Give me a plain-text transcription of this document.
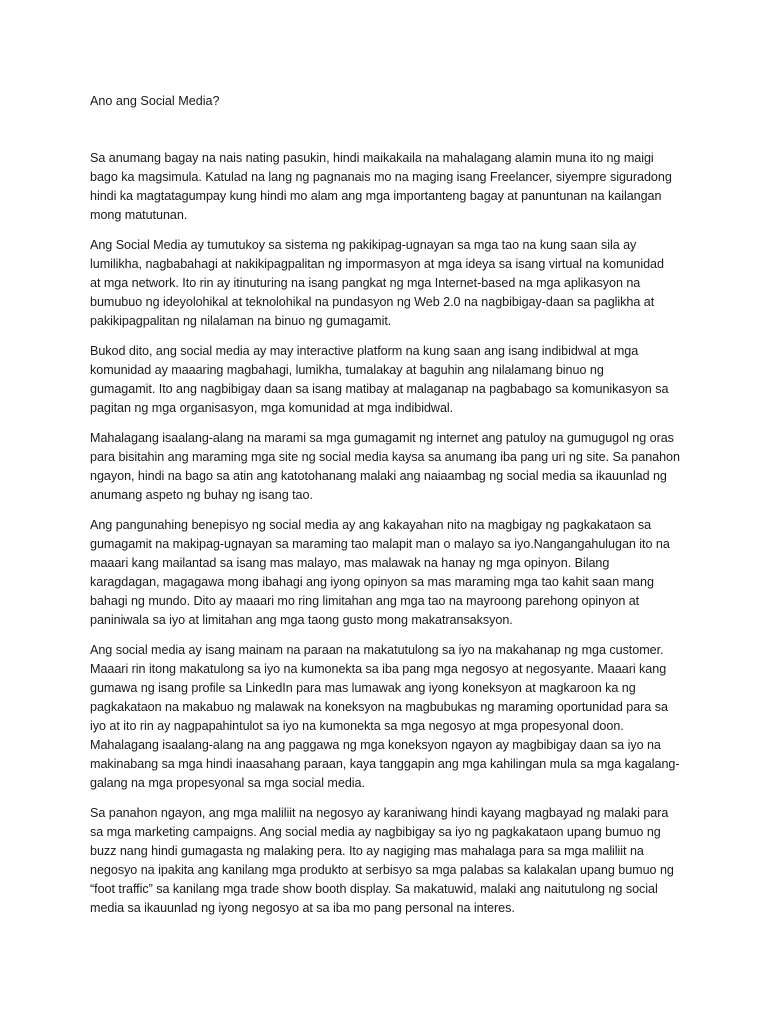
Ano ang Social Media?

Sa anumang bagay na nais nating pasukin, hindi maikakaila na mahalagang alamin muna ito ng maigi
bago ka magsimula. Katulad na lang ng pagnanais mo na maging isang Freelancer, siyempre siguradong
hindi ka magtatagumpay kung hindi mo alam ang mga importanteng bagay at panuntunan na kailangan
mong matutunan.

Ang Social Media ay tumutukoy sa sistema ng pakikipag-ugnayan sa mga tao na kung saan sila ay
lumilikha, nagbabahagi at nakikipagpalitan ng impormasyon at mga ideya sa isang virtual na komunidad
at mga network. Ito rin ay itinuturing na isang pangkat ng mga Internet-based na mga aplikasyon na
bumubuo ng ideyolohikal at teknolohikal na pundasyon ng Web 2.0 na nagbibigay-daan sa paglikha at
pakikipagpalitan ng nilalaman na binuo ng gumagamit.

Bukod dito, ang social media ay may interactive platform na kung saan ang isang indibidwal at mga
komunidad ay maaaring magbahagi, lumikha, tumalakay at baguhin ang nilalamang binuo ng
gumagamit. Ito ang nagbibigay daan sa isang matibay at malaganap na pagbabago sa komunikasyon sa
pagitan ng mga organisasyon, mga komunidad at mga indibidwal.

Mahalagang isaalang-alang na marami sa mga gumagamit ng internet ang patuloy na gumugugol ng oras
para bisitahin ang maraming mga site ng social media kaysa sa anumang iba pang uri ng site. Sa panahon
ngayon, hindi na bago sa atin ang katotohanang malaki ang naiaambag ng social media sa ikauunlad ng
anumang aspeto ng buhay ng isang tao.

Ang pangunahing benepisyo ng social media ay ang kakayahan nito na magbigay ng pagkakataon sa
gumagamit na makipag-ugnayan sa maraming tao malapit man o malayo sa iyo.Nangangahulugan ito na
maaari kang mailantad sa isang mas malayo, mas malawak na hanay ng mga opinyon. Bilang
karagdagan, magagawa mong ibahagi ang iyong opinyon sa mas maraming mga tao kahit saan mang
bahagi ng mundo. Dito ay maaari mo ring limitahan ang mga tao na mayroong parehong opinyon at
paniniwala sa iyo at limitahan ang mga taong gusto mong makatransaksyon.

Ang social media ay isang mainam na paraan na makatutulong sa iyo na makahanap ng mga customer.
Maaari rin itong makatulong sa iyo na kumonekta sa iba pang mga negosyo at negosyante. Maaari kang
gumawa ng isang profile sa LinkedIn para mas lumawak ang iyong koneksyon at magkaroon ka ng
pagkakataon na makabuo ng malawak na koneksyon na magbubukas ng maraming oportunidad para sa
iyo at ito rin ay nagpapahintulot sa iyo na kumonekta sa mga negosyo at mga propesyonal doon.
Mahalagang isaalang-alang na ang paggawa ng mga koneksyon ngayon ay magbibigay daan sa iyo na
makinabang sa mga hindi inaasahang paraan, kaya tanggapin ang mga kahilingan mula sa mga kagalang-
galang na mga propesyonal sa mga social media.

Sa panahon ngayon, ang mga maliliit na negosyo ay karaniwang hindi kayang magbayad ng malaki para
sa mga marketing campaigns. Ang social media ay nagbibigay sa iyo ng pagkakataon upang bumuo ng
buzz nang hindi gumagasta ng malaking pera. Ito ay nagiging mas mahalaga para sa mga maliliit na
negosyo na ipakita ang kanilang mga produkto at serbisyo sa mga palabas sa kalakalan upang bumuo ng
“foot traffic” sa kanilang mga trade show booth display. Sa makatuwid, malaki ang naitutulong ng social
media sa ikauunlad ng iyong negosyo at sa iba mo pang personal na interes.
